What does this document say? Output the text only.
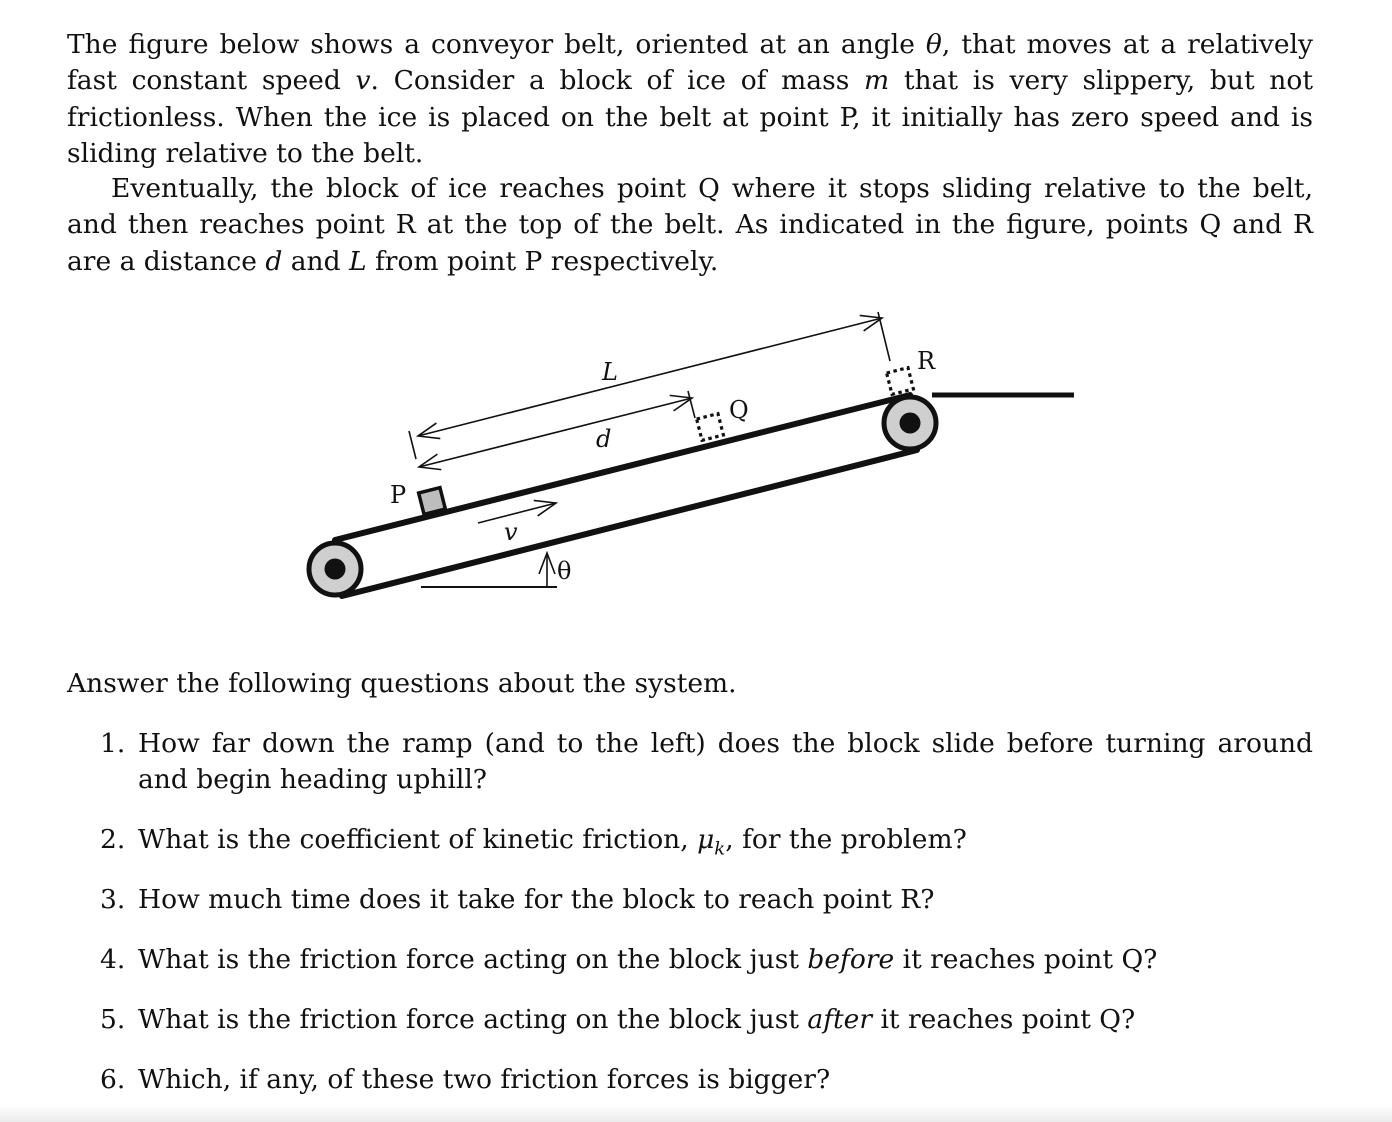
The figure below shows a conveyor belt, oriented at an angle θ, that moves at a relatively fast constant speed v. Consider a block of ice of mass m that is very slippery, but not frictionless. When the ice is placed on the belt at point P, it initially has zero speed and is sliding relative to the belt.

Eventually, the block of ice reaches point Q where it stops sliding relative to the belt, and then reaches point R at the top of the belt. As indicated in the figure, points Q and R are a distance d and L from point P respectively.

P
Q
R
L
d
v
θ

Answer the following questions about the system.

1. How far down the ramp (and to the left) does the block slide before turning around and begin heading uphill?
2. What is the coefficient of kinetic friction, $\mu_k$, for the problem?
3. How much time does it take for the block to reach point R?
4. What is the friction force acting on the block just before it reaches point Q?
5. What is the friction force acting on the block just after it reaches point Q?
6. Which, if any, of these two friction forces is bigger?
